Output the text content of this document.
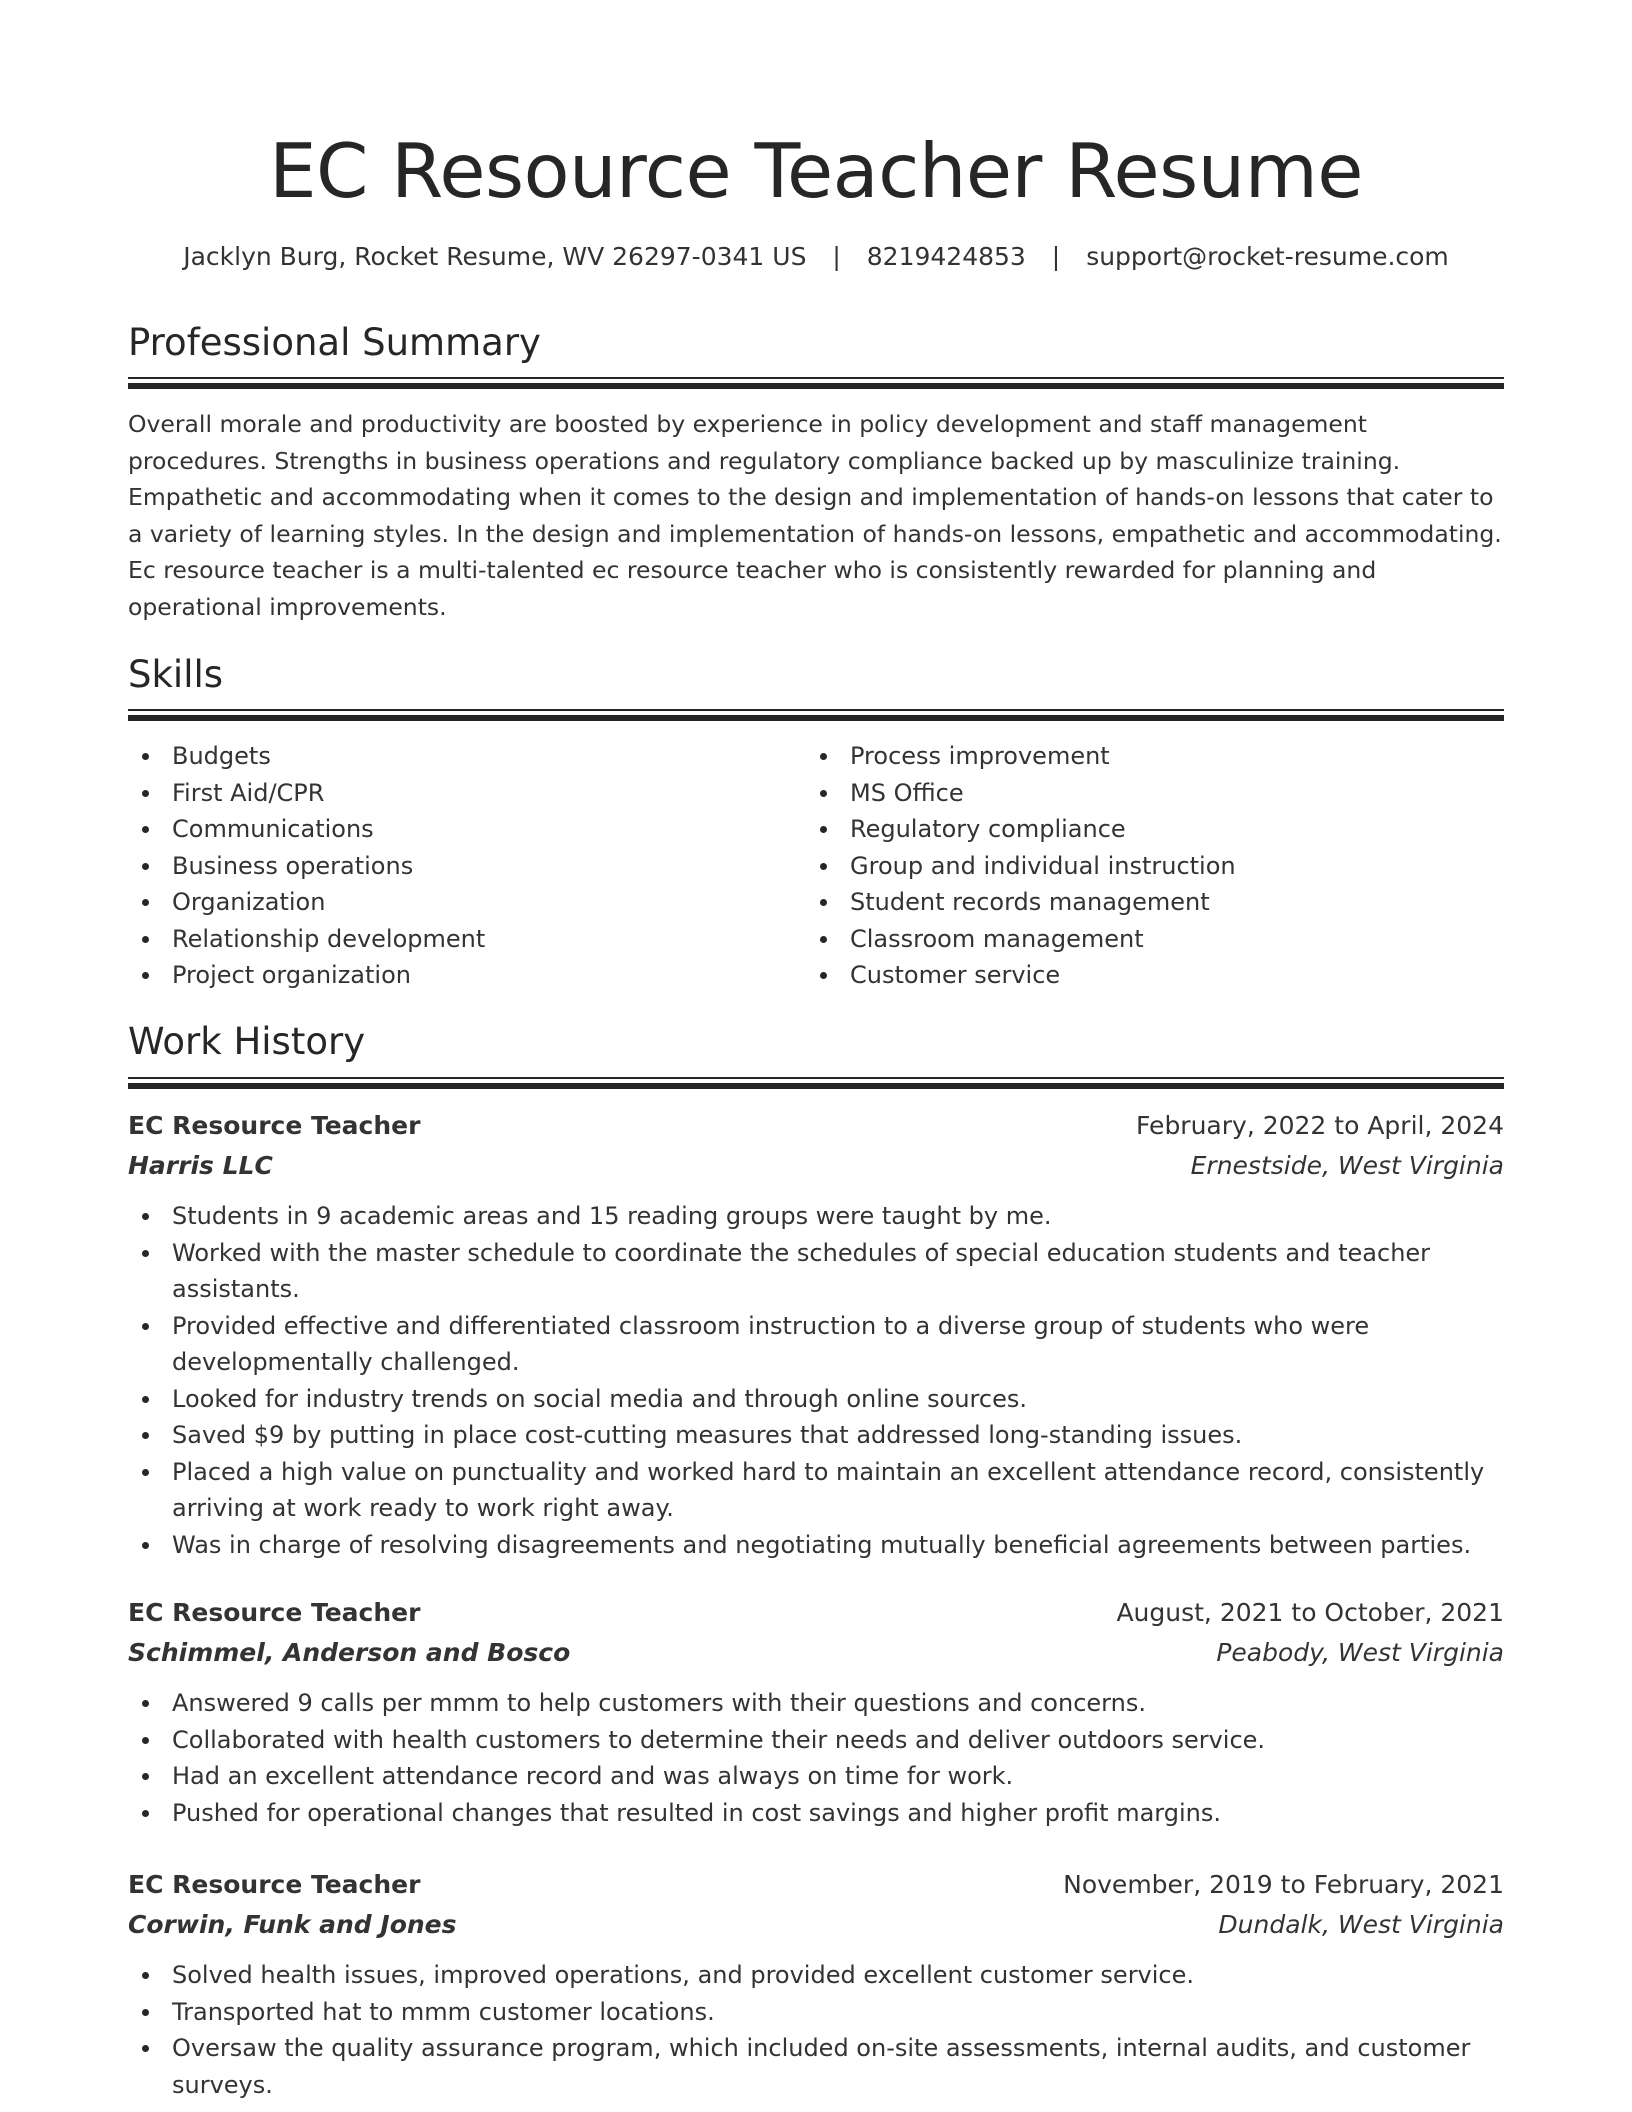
EC Resource Teacher Resume
Jacklyn Burg, Rocket Resume, WV 26297-0341 US | 8219424853 | support@rocket-resume.com
Professional Summary

Overall morale and productivity are boosted by experience in policy development and staff management procedures. Strengths in business operations and regulatory compliance backed up by masculinize training. Empathetic and accommodating when it comes to the design and implementation of hands-on lessons that cater to a variety of learning styles. In the design and implementation of hands-on lessons, empathetic and accommodating. Ec resource teacher is a multi-talented ec resource teacher who is consistently rewarded for planning and operational improvements.

Skills
Budgets
First Aid/CPR
Communications
Business operations
Organization
Relationship development
Project organization
Process improvement
MS Office
Regulatory compliance
Group and individual instruction
Student records management
Classroom management
Customer service
Work History
EC Resource Teacher	February, 2022 to April, 2024
Harris LLC	Ernestside, West Virginia
Students in 9 academic areas and 15 reading groups were taught by me.
Worked with the master schedule to coordinate the schedules of special education students and teacher assistants.
Provided effective and differentiated classroom instruction to a diverse group of students who were developmentally challenged.
Looked for industry trends on social media and through online sources.
Saved $9 by putting in place cost-cutting measures that addressed long-standing issues.
Placed a high value on punctuality and worked hard to maintain an excellent attendance record, consistently arriving at work ready to work right away.
Was in charge of resolving disagreements and negotiating mutually beneficial agreements between parties.
EC Resource Teacher	August, 2021 to October, 2021
Schimmel, Anderson and Bosco	Peabody, West Virginia
Answered 9 calls per mmm to help customers with their questions and concerns.
Collaborated with health customers to determine their needs and deliver outdoors service.
Had an excellent attendance record and was always on time for work.
Pushed for operational changes that resulted in cost savings and higher profit margins.
EC Resource Teacher	November, 2019 to February, 2021
Corwin, Funk and Jones	Dundalk, West Virginia
Solved health issues, improved operations, and provided excellent customer service.
Transported hat to mmm customer locations.
Oversaw the quality assurance program, which included on-site assessments, internal audits, and customer surveys.
